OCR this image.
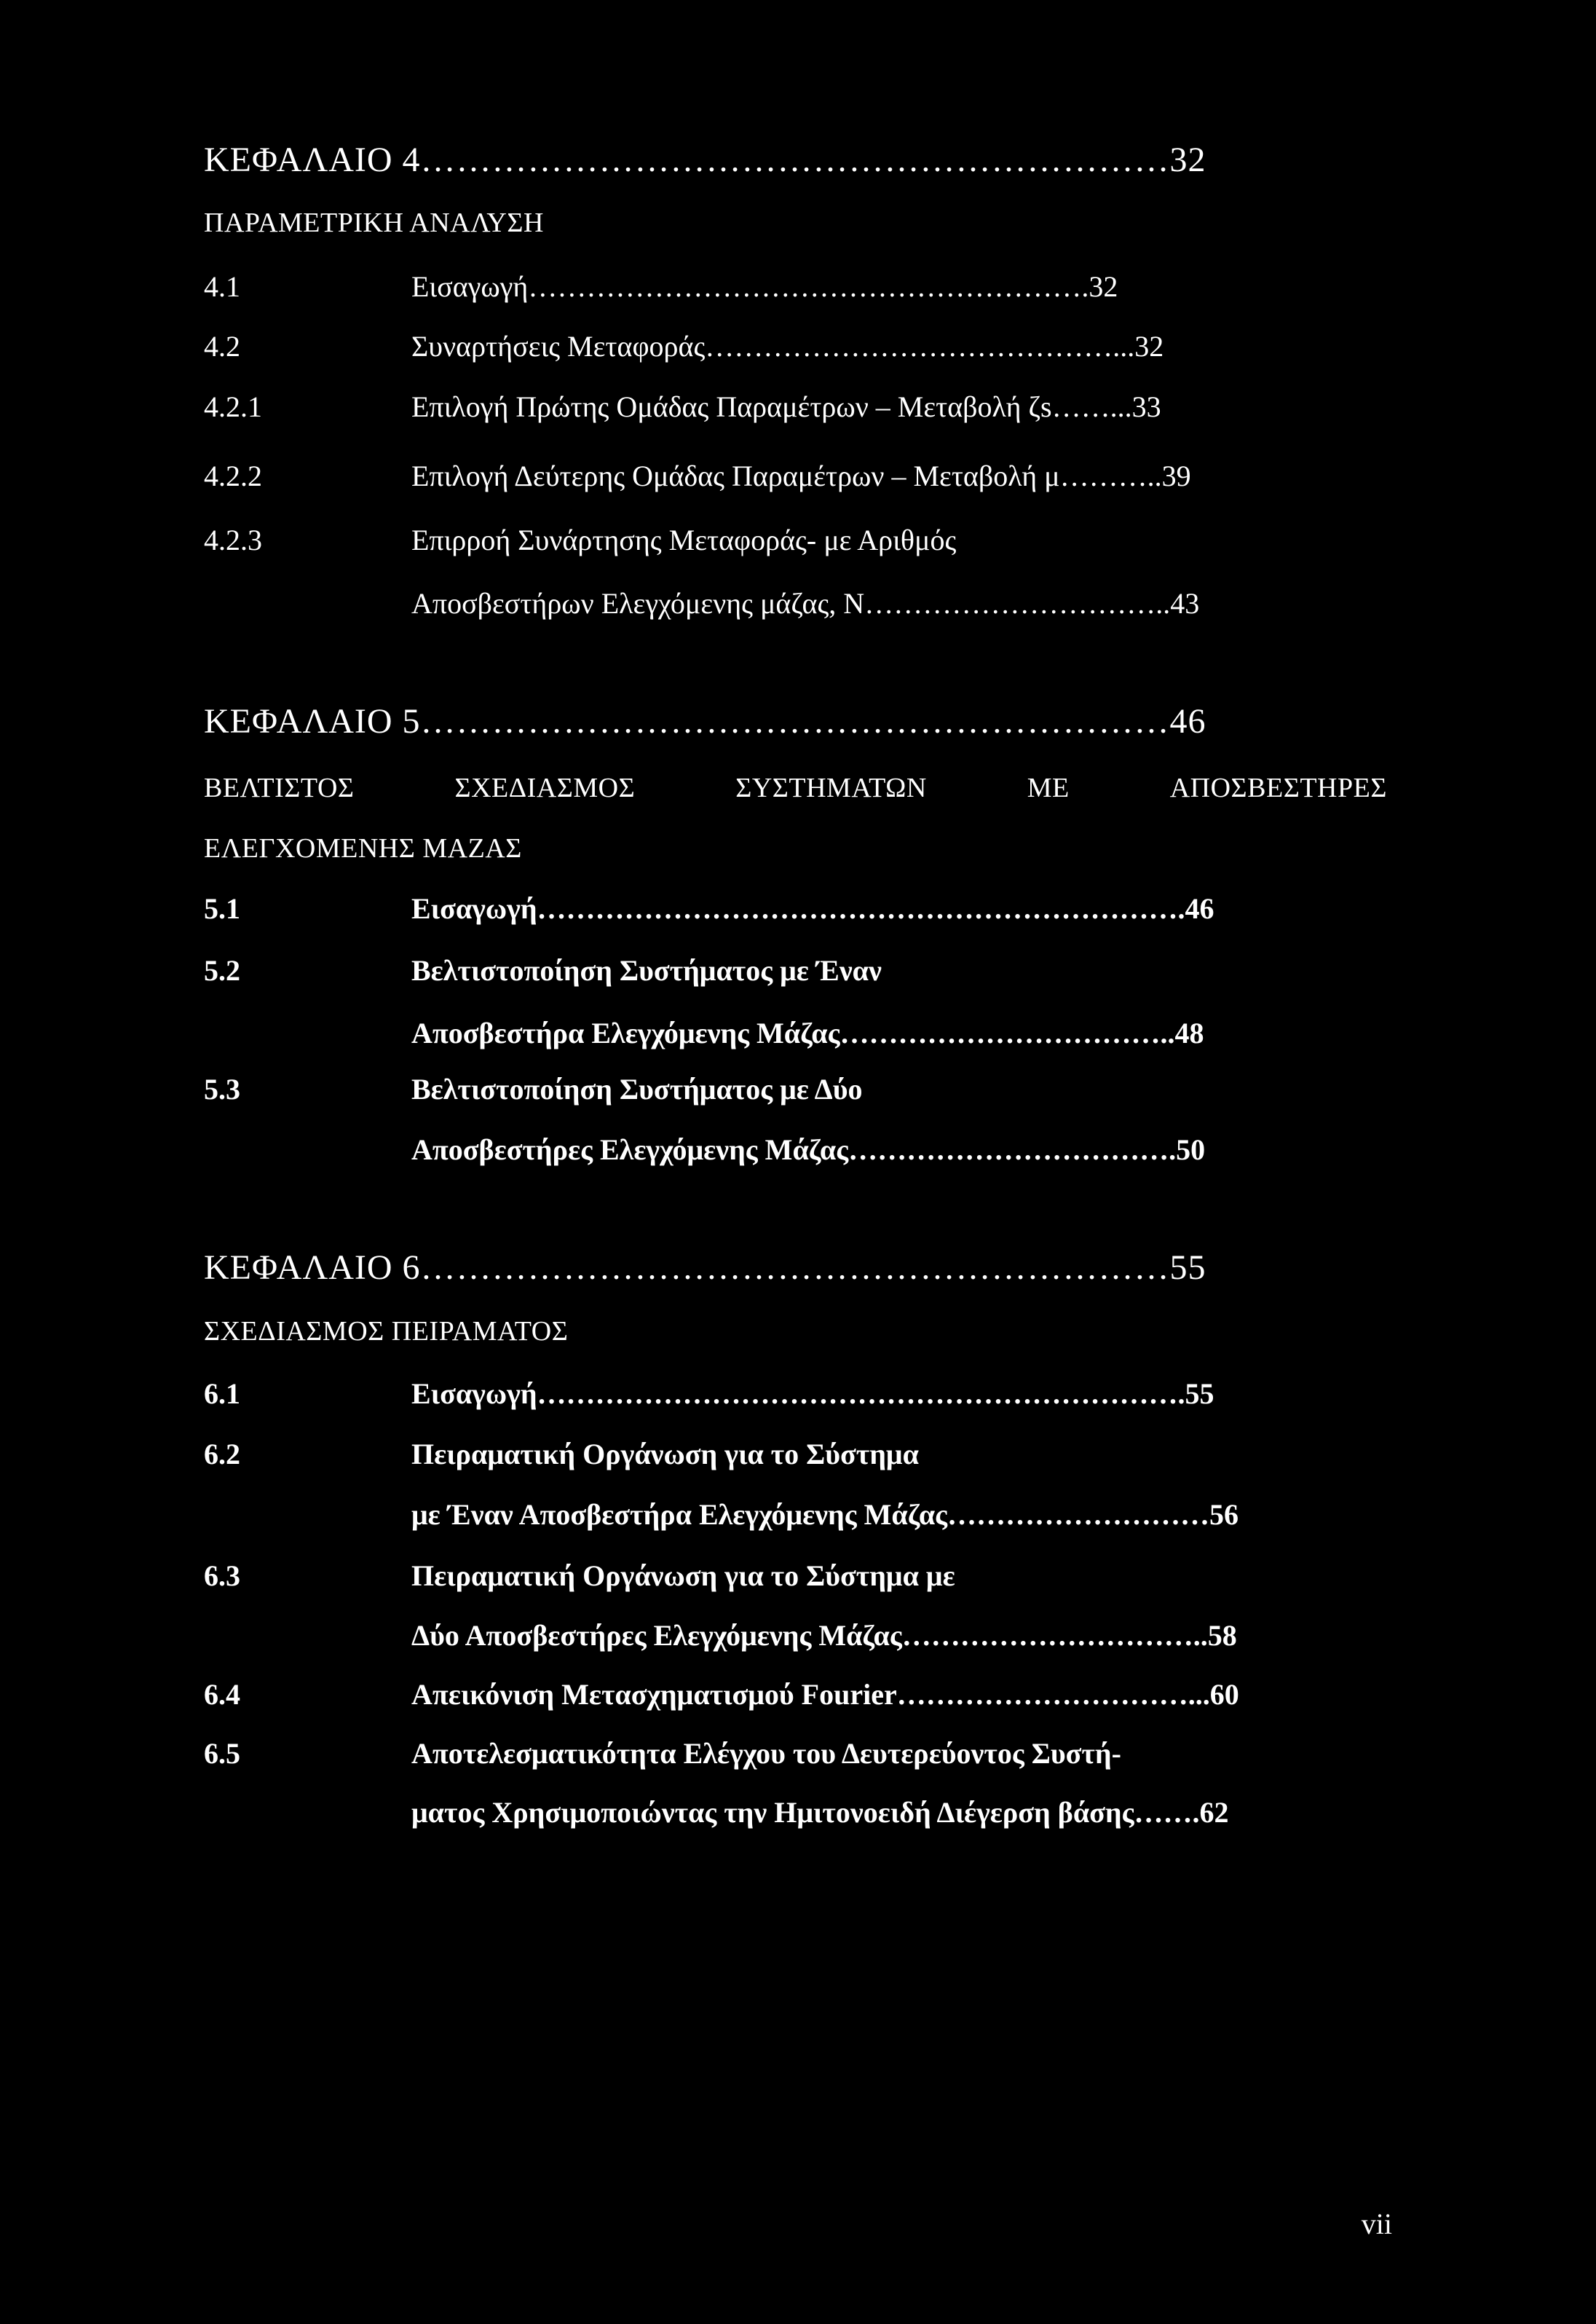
ΚΕΦΑΛΑΙΟ 4………………………………………………………32
ΠΑΡΑΜΕΤΡΙΚΗ ΑΝΑΛΥΣΗ
4.1	Εισαγωγή………………………………………………….32
4.2	Συναρτήσεις Μεταφοράς……………………………………...32
4.2.1	Επιλογή Πρώτης Ομάδας Παραμέτρων – Μεταβολή ζs……...33
4.2.2	Επιλογή Δεύτερης Ομάδας Παραμέτρων – Μεταβολή μ………..39
4.2.3	Επιρροή Συνάρτησης Μεταφοράς- με Αριθμός
Αποσβεστήρων Ελεγχόμενης μάζας, N…………………………..43
ΚΕΦΑΛΑΙΟ 5………………………………………………………46
ΒΕΛΤΙΣΤΟΣ	ΣΧΕΔΙΑΣΜΟΣ	ΣΥΣΤΗΜΑΤΩΝ	ΜΕ	ΑΠΟΣΒΕΣΤΗΡΕΣ
ΕΛΕΓΧΟΜΕΝΗΣ ΜΑΖΑΣ
5.1	Εισαγωγή………………………………………………………….46
5.2	Βελτιστοποίηση Συστήματος με Έναν
Αποσβεστήρα Ελεγχόμενης Μάζας……………………………..48
5.3	Βελτιστοποίηση Συστήματος με Δύο
Αποσβεστήρες Ελεγχόμενης Μάζας…………………………….50
ΚΕΦΑΛΑΙΟ 6………………………………………………………55
ΣΧΕΔΙΑΣΜΟΣ ΠΕΙΡΑΜΑΤΟΣ
6.1	Εισαγωγή………………………………………………………….55
6.2	Πειραματική Οργάνωση για το Σύστημα
με Έναν Αποσβεστήρα Ελεγχόμενης Μάζας………………………56
6.3	Πειραματική Οργάνωση για το Σύστημα με
Δύο Αποσβεστήρες Ελεγχόμενης Μάζας…………………………..58
6.4	Απεικόνιση Μετασχηματισμού Fourier…………………………...60
6.5	Αποτελεσματικότητα Ελέγχου του Δευτερεύοντος Συστή-
ματος Χρησιμοποιώντας την Ημιτονοειδή Διέγερση βάσης…….62
vii
